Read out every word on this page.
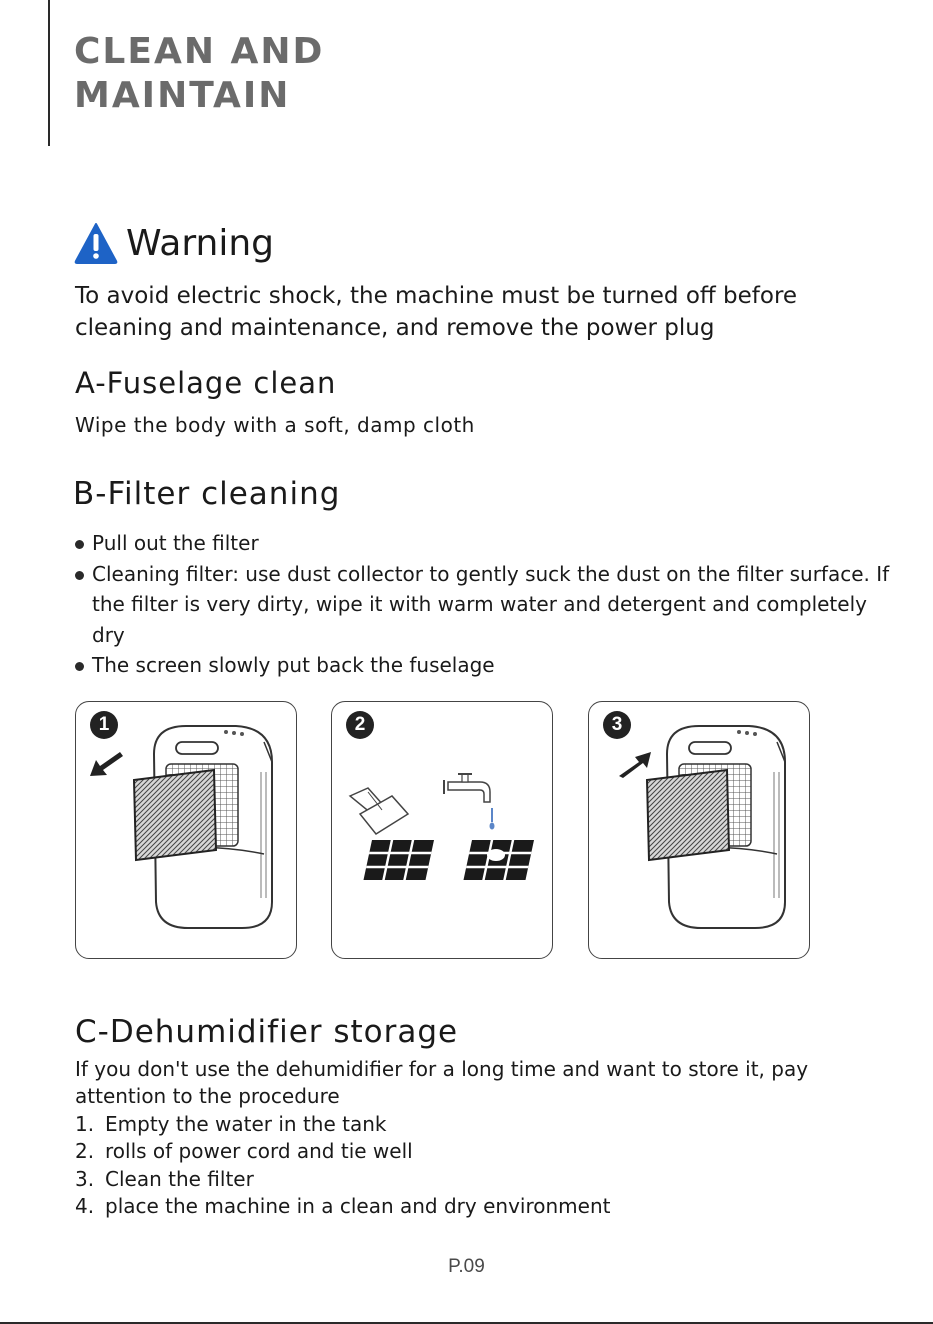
CLEAN AND
MAINTAIN
Warning

To avoid electric shock, the machine must be turned off before cleaning and maintenance, and remove the power plug

A-Fuselage clean

Wipe the body with a soft, damp cloth

B-Filter cleaning
Pull out the filter
Cleaning filter: use dust collector to gently suck the dust on the filter surface. If the filter is very dirty, wipe it with warm water and detergent and completely dry
The screen slowly put back the fuselage
1	2	3
C-Dehumidifier storage

If you don't use the dehumidifier for a long time and want to store it, pay attention to the procedure

1. Empty the water in the tank
2. rolls of power cord and tie well
3. Clean the filter
4. place the machine in a clean and dry environment
P.09
